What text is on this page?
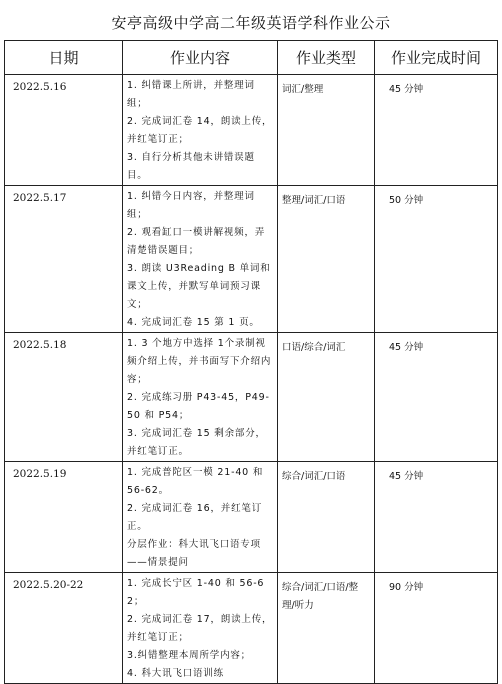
安亭高级中学高二年级英语学科作业公示
日期	作业内容	作业类型	作业完成时间
2022.5.16	1. 纠错课上所讲，并整理词组；
2. 完成词汇卷 14，朗读上传，并红笔订正；
3. 自行分析其他未讲错误题目。	词汇/整理	45 分钟
2022.5.17	1. 纠错今日内容，并整理词组；
2. 观看缸口一模讲解视频，弄清楚错误题目；
3. 朗读 U3Reading B 单词和课文上传，并默写单词预习课文；
4. 完成词汇卷 15 第 1 页。	整理/词汇/口语	50 分钟
2022.5.18	1. 3 个地方中选择 1个录制视频介绍上传，并书面写下介绍内容；
2. 完成练习册 P43-45，P49-50 和 P54；
3. 完成词汇卷 15 剩余部分，并红笔订正。	口语/综合/词汇	45 分钟
2022.5.19	1. 完成普陀区一模 21-40 和 56-62。
2. 完成词汇卷 16，并红笔订正。
分层作业：科大讯飞口语专项——情景提问	综合/词汇/口语	45 分钟
2022.5.20-22	1. 完成长宁区 1-40 和 56-62；
2. 完成词汇卷 17，朗读上传，并红笔订正；
3.纠错整理本周所学内容；
4. 科大讯飞口语训练	综合/词汇/口语/整理/听力	90 分钟
